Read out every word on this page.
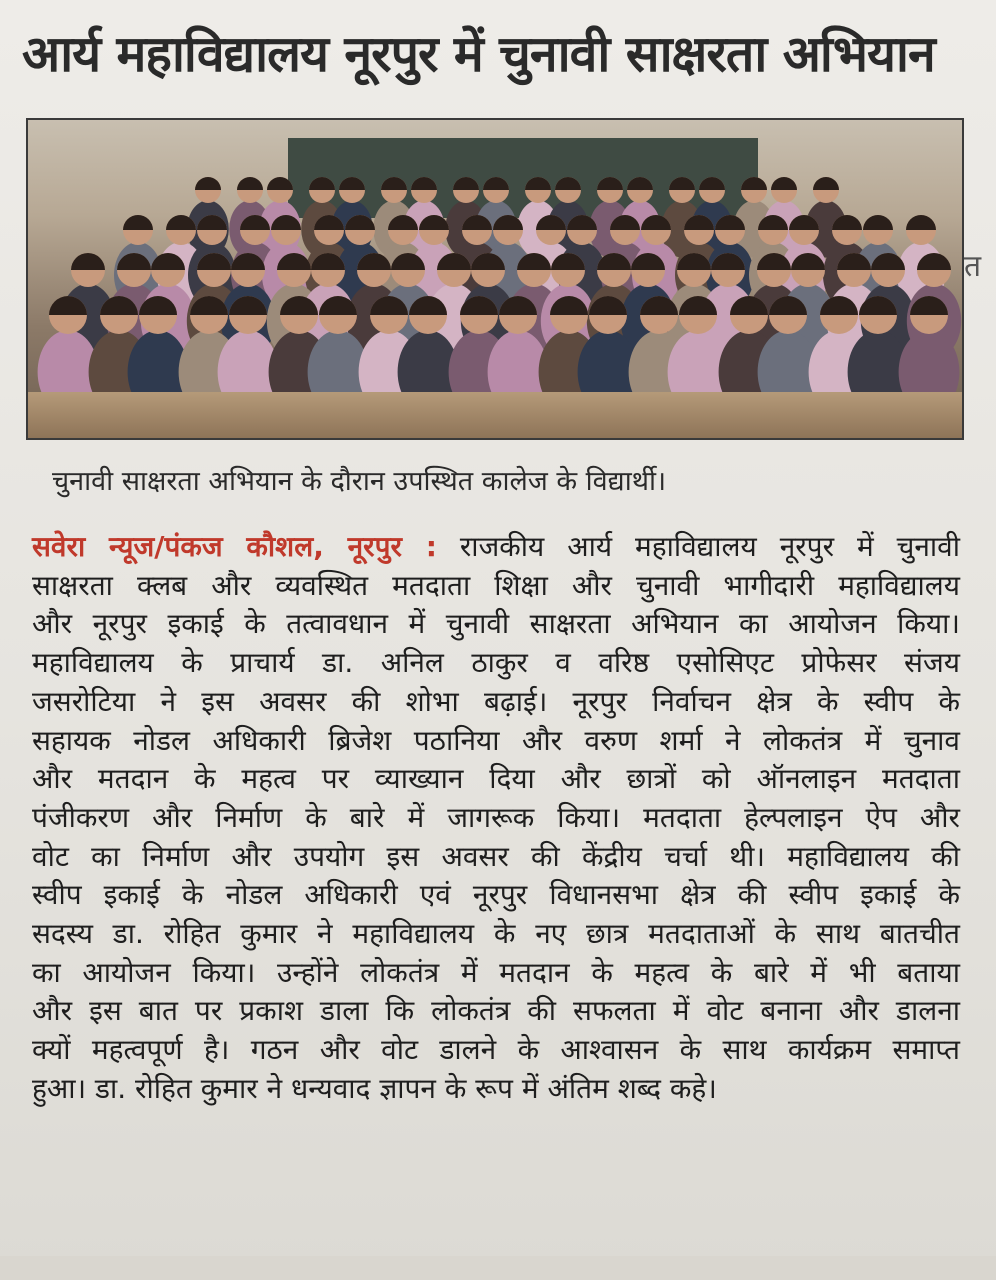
आर्य महाविद्यालय नूरपुर में चुनावी साक्षरता अभियान
त
चुनावी साक्षरता अभियान के दौरान उपस्थित कालेज के विद्यार्थी।
सवेरा न्यूज/पंकज कौशल, नूरपुर : राजकीय आर्य महाविद्यालय नूरपुर में चुनावी
साक्षरता क्लब और व्यवस्थित मतदाता शिक्षा और चुनावी भागीदारी महाविद्यालय
और नूरपुर इकाई के तत्वावधान में चुनावी साक्षरता अभियान का आयोजन किया।
महाविद्यालय के प्राचार्य डा. अनिल ठाकुर व वरिष्ठ एसोसिएट प्रोफेसर संजय
जसरोटिया ने इस अवसर की शोभा बढ़ाई। नूरपुर निर्वाचन क्षेत्र के स्वीप के
सहायक नोडल अधिकारी ब्रिजेश पठानिया और वरुण शर्मा ने लोकतंत्र में चुनाव
और मतदान के महत्व पर व्याख्यान दिया और छात्रों को ऑनलाइन मतदाता
पंजीकरण और निर्माण के बारे में जागरूक किया। मतदाता हेल्पलाइन ऐप और
वोट का निर्माण और उपयोग इस अवसर की केंद्रीय चर्चा थी। महाविद्यालय की
स्वीप इकाई के नोडल अधिकारी एवं नूरपुर विधानसभा क्षेत्र की स्वीप इकाई के
सदस्य डा. रोहित कुमार ने महाविद्यालय के नए छात्र मतदाताओं के साथ बातचीत
का आयोजन किया। उन्होंने लोकतंत्र में मतदान के महत्व के बारे में भी बताया
और इस बात पर प्रकाश डाला कि लोकतंत्र की सफलता में वोट बनाना और डालना
क्यों महत्वपूर्ण है। गठन और वोट डालने के आश्वासन के साथ कार्यक्रम समाप्त
हुआ। डा. रोहित कुमार ने धन्यवाद ज्ञापन के रूप में अंतिम शब्द कहे।
